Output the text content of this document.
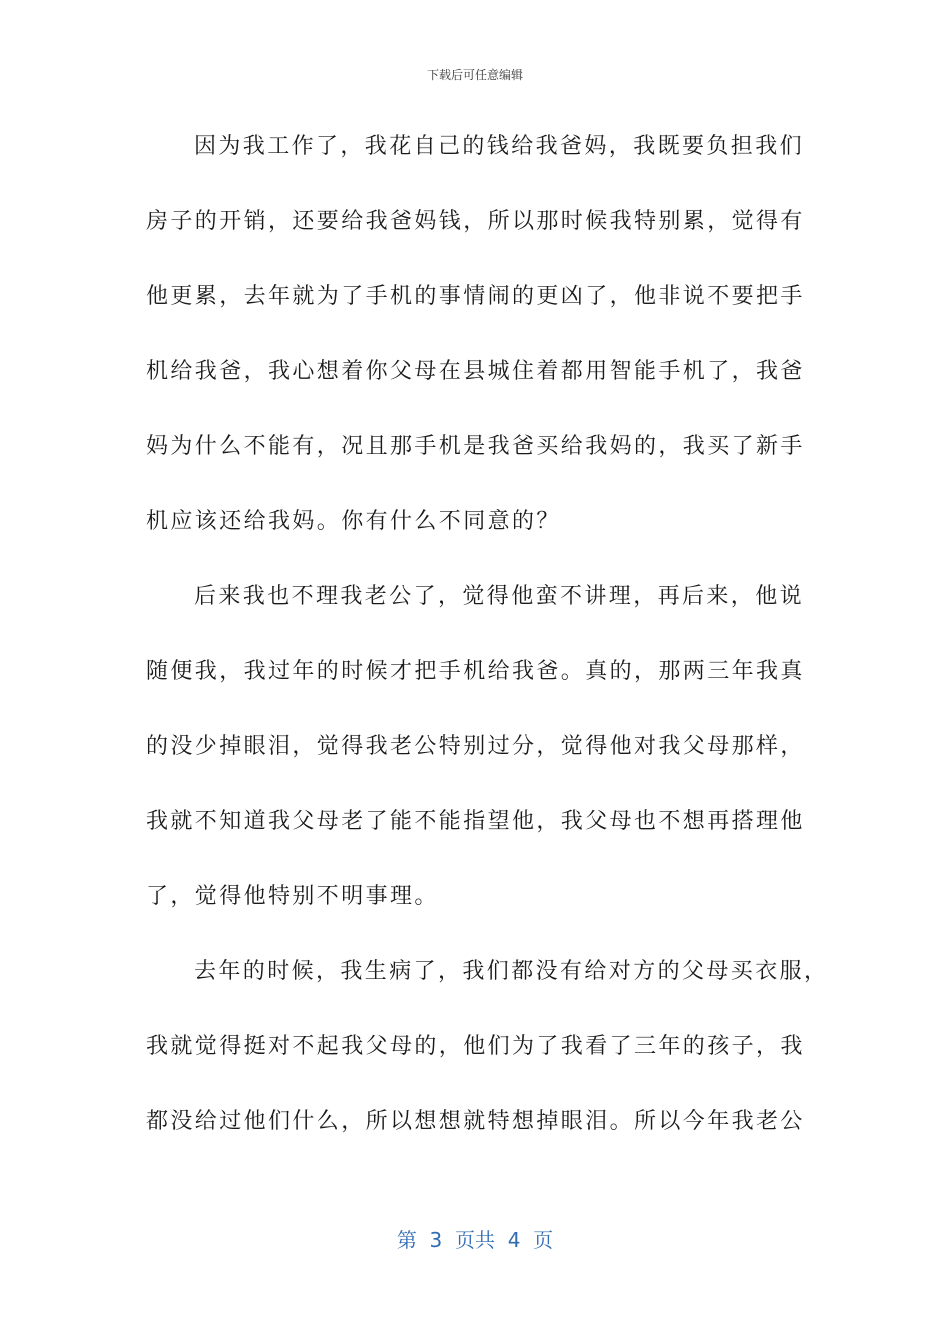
下载后可任意编辑
因为我工作了，我花自己的钱给我爸妈，我既要负担我们
房子的开销，还要给我爸妈钱，所以那时候我特别累，觉得有
他更累，去年就为了手机的事情闹的更凶了，他非说不要把手
机给我爸，我心想着你父母在县城住着都用智能手机了，我爸
妈为什么不能有，况且那手机是我爸买给我妈的，我买了新手
机应该还给我妈。你有什么不同意的？
后来我也不理我老公了，觉得他蛮不讲理，再后来，他说
随便我，我过年的时候才把手机给我爸。真的，那两三年我真
的没少掉眼泪，觉得我老公特别过分，觉得他对我父母那样，
我就不知道我父母老了能不能指望他，我父母也不想再搭理他
了，觉得他特别不明事理。
去年的时候，我生病了，我们都没有给对方的父母买衣服，
我就觉得挺对不起我父母的，他们为了我看了三年的孩子，我
都没给过他们什么，所以想想就特想掉眼泪。所以今年我老公
第  3  页共  4  页
